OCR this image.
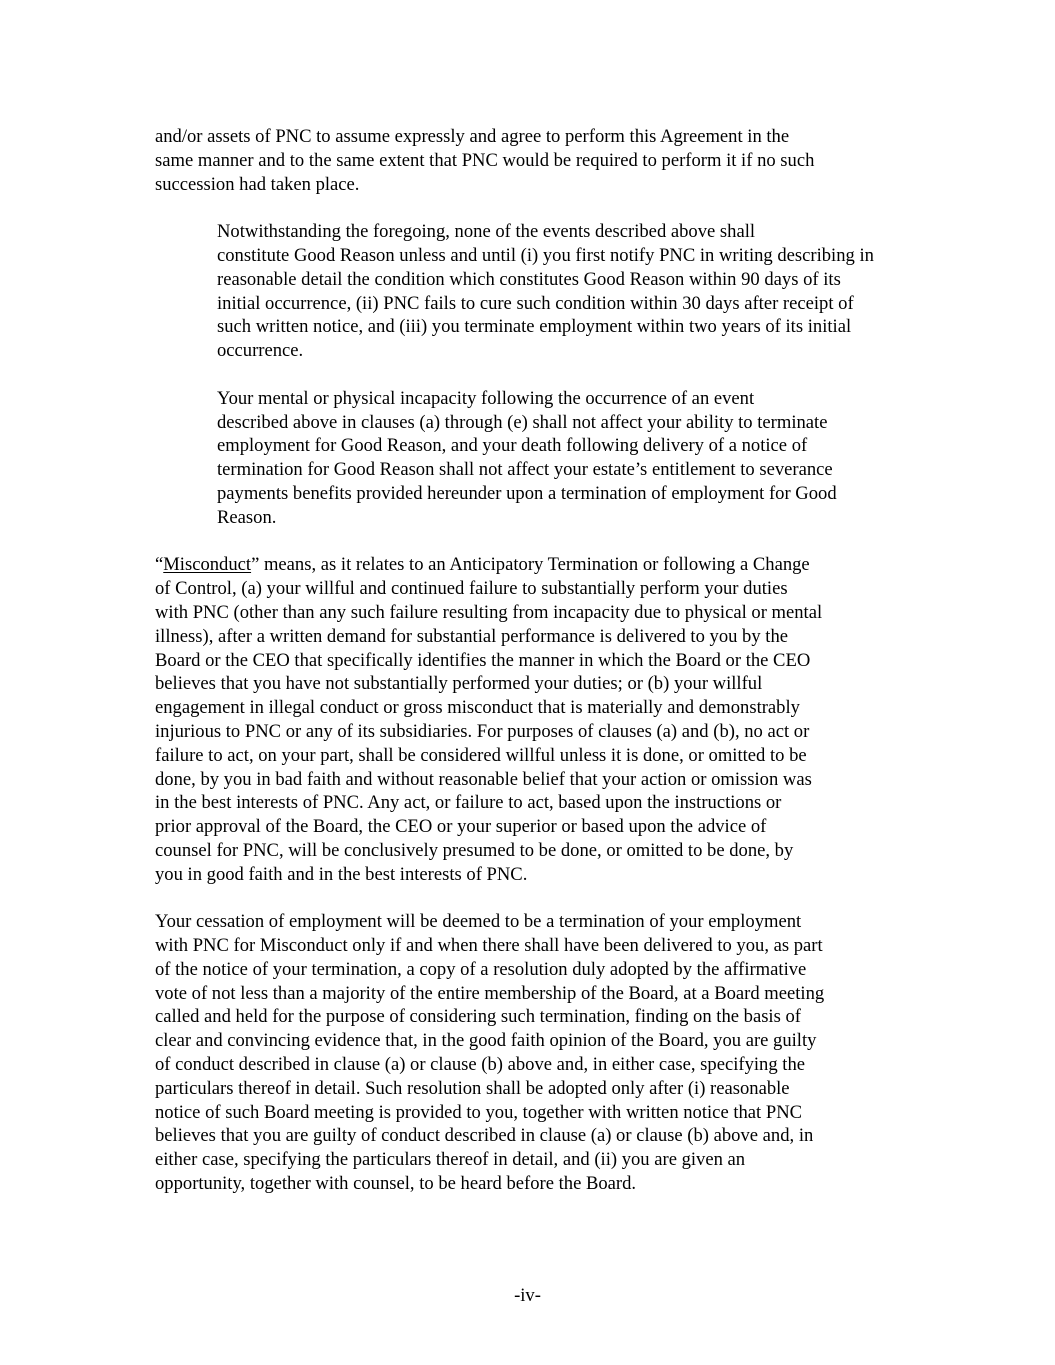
and/or assets of PNC to assume expressly and agree to perform this Agreement in the
same manner and to the same extent that PNC would be required to perform it if no such
succession had taken place.

Notwithstanding the foregoing, none of the events described above shall
constitute Good Reason unless and until (i) you first notify PNC in writing describing in
reasonable detail the condition which constitutes Good Reason within 90 days of its
initial occurrence, (ii) PNC fails to cure such condition within 30 days after receipt of
such written notice, and (iii) you terminate employment within two years of its initial
occurrence.

Your mental or physical incapacity following the occurrence of an event
described above in clauses (a) through (e) shall not affect your ability to terminate
employment for Good Reason, and your death following delivery of a notice of
termination for Good Reason shall not affect your estate’s entitlement to severance
payments benefits provided hereunder upon a termination of employment for Good
Reason.

“Misconduct” means, as it relates to an Anticipatory Termination or following a Change
of Control, (a) your willful and continued failure to substantially perform your duties
with PNC (other than any such failure resulting from incapacity due to physical or mental
illness), after a written demand for substantial performance is delivered to you by the
Board or the CEO that specifically identifies the manner in which the Board or the CEO
believes that you have not substantially performed your duties; or (b) your willful
engagement in illegal conduct or gross misconduct that is materially and demonstrably
injurious to PNC or any of its subsidiaries. For purposes of clauses (a) and (b), no act or
failure to act, on your part, shall be considered willful unless it is done, or omitted to be
done, by you in bad faith and without reasonable belief that your action or omission was
in the best interests of PNC. Any act, or failure to act, based upon the instructions or
prior approval of the Board, the CEO or your superior or based upon the advice of
counsel for PNC, will be conclusively presumed to be done, or omitted to be done, by
you in good faith and in the best interests of PNC.

Your cessation of employment will be deemed to be a termination of your employment
with PNC for Misconduct only if and when there shall have been delivered to you, as part
of the notice of your termination, a copy of a resolution duly adopted by the affirmative
vote of not less than a majority of the entire membership of the Board, at a Board meeting
called and held for the purpose of considering such termination, finding on the basis of
clear and convincing evidence that, in the good faith opinion of the Board, you are guilty
of conduct described in clause (a) or clause (b) above and, in either case, specifying the
particulars thereof in detail. Such resolution shall be adopted only after (i) reasonable
notice of such Board meeting is provided to you, together with written notice that PNC
believes that you are guilty of conduct described in clause (a) or clause (b) above and, in
either case, specifying the particulars thereof in detail, and (ii) you are given an
opportunity, together with counsel, to be heard before the Board.

-iv-
